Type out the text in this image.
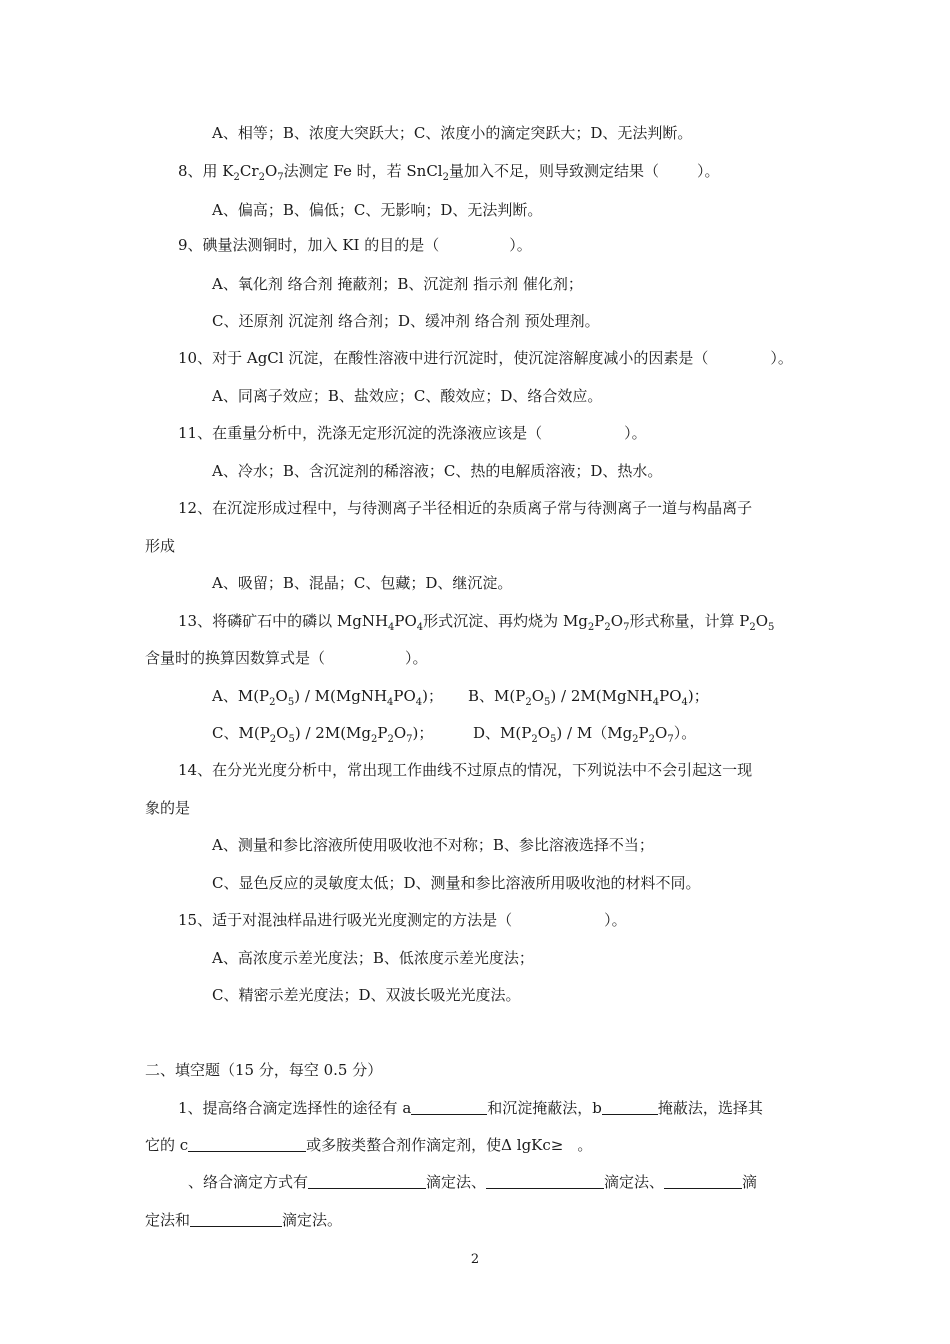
A、相等；B、浓度大突跃大；C、浓度小的滴定突跃大；D、无法判断。
8、用 $K_2Cr_2O_7$法测定 Fe 时，若 SnCl$_2$量加入不足，则导致测定结果（	）。
A、偏高；B、偏低；C、无影响；D、无法判断。
9、碘量法测铜时，加入 KI 的目的是（	）。
A、氧化剂 络合剂 掩蔽剂；B、沉淀剂 指示剂 催化剂；
C、还原剂 沉淀剂 络合剂；D、缓冲剂 络合剂 预处理剂。
10、对于 AgCl 沉淀，在酸性溶液中进行沉淀时，使沉淀溶解度减小的因素是（	）。
A、同离子效应；B、盐效应；C、酸效应；D、络合效应。
11、在重量分析中，洗涤无定形沉淀的洗涤液应该是（	）。
A、冷水；B、含沉淀剂的稀溶液；C、热的电解质溶液；D、热水。
12、在沉淀形成过程中，与待测离子半径相近的杂质离子常与待测离子一道与构晶离子
形成
A、吸留；B、混晶；C、包藏；D、继沉淀。
13、将磷矿石中的磷以 $MgNH_4PO_4$形式沉淀、再灼烧为 $Mg_2P_2O_7$形式称量，计算 $P_2O_5$
含量时的换算因数算式是（	）。
A、$M(P_2O_5)$ / $M(MgNH_4PO_4)$； B、$M(P_2O_5)$ / $2M(MgNH_4PO_4)$；
C、$M(P_2O_5) / 2M(Mg_2P_2O_7)$；	D、$M(P_2O_5) / M(Mg_2P_2O_7)$。
14、在分光光度分析中，常出现工作曲线不过原点的情况，下列说法中不会引起这一现
象的是
A、测量和参比溶液所使用吸收池不对称；B、参比溶液选择不当；
C、显色反应的灵敏度太低；D、测量和参比溶液所用吸收池的材料不同。
15、适于对混浊样品进行吸光光度测定的方法是（	）。
A、高浓度示差光度法；B、低浓度示差光度法；
C、精密示差光度法；D、双波长吸光光度法。
二、填空题（15 分，每空 0.5 分）
1、提高络合滴定选择性的途径有 a	和沉淀掩蔽法，b	掩蔽法，选择其
它的 c	或多胺类螯合剂作滴定剂，使Δ lgKc≥ 。
、络合滴定方式有	滴定法、	滴定法、	滴
定法和	滴定法。
2
